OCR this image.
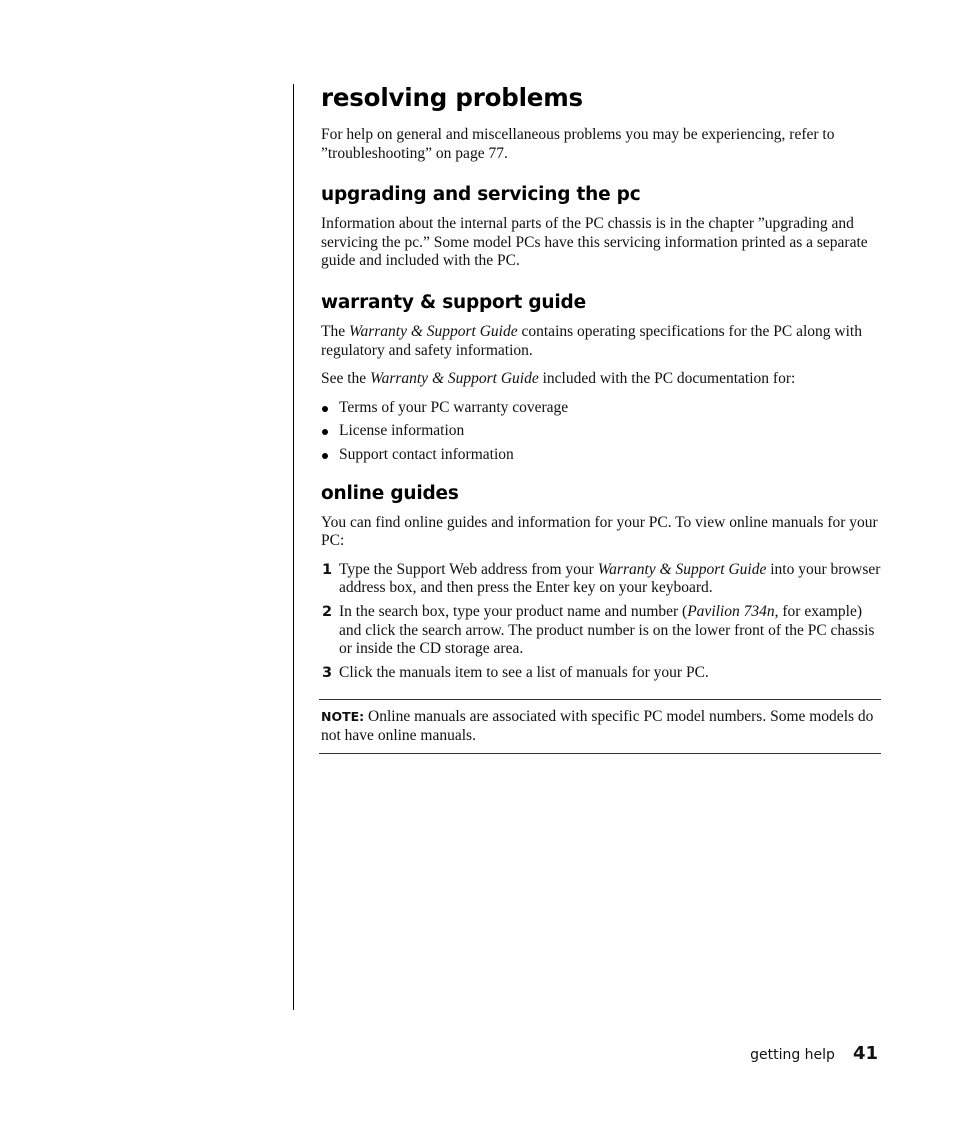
resolving problems

For help on general and miscellaneous problems you may be experiencing, refer to ”troubleshooting” on page 77.

upgrading and servicing the pc

Information about the internal parts of the PC chassis is in the chapter ”upgrading and servicing the pc.” Some model PCs have this servicing information printed as a separate guide and included with the PC.

warranty & support guide

The Warranty & Support Guide contains operating specifications for the PC along with regulatory and safety information.

See the Warranty & Support Guide included with the PC documentation for:

Terms of your PC warranty coverage
License information
Support contact information
online guides

You can find online guides and information for your PC. To view online manuals for your PC:

1 Type the Support Web address from your Warranty & Support Guide into your browser address box, and then press the Enter key on your keyboard.
2 In the search box, type your product name and number (Pavilion 734n, for example) and click the search arrow. The product number is on the lower front of the PC chassis or inside the CD storage area.
3 Click the manuals item to see a list of manuals for your PC.

NOTE: Online manuals are associated with specific PC model numbers. Some models do not have online manuals.

getting help 41
